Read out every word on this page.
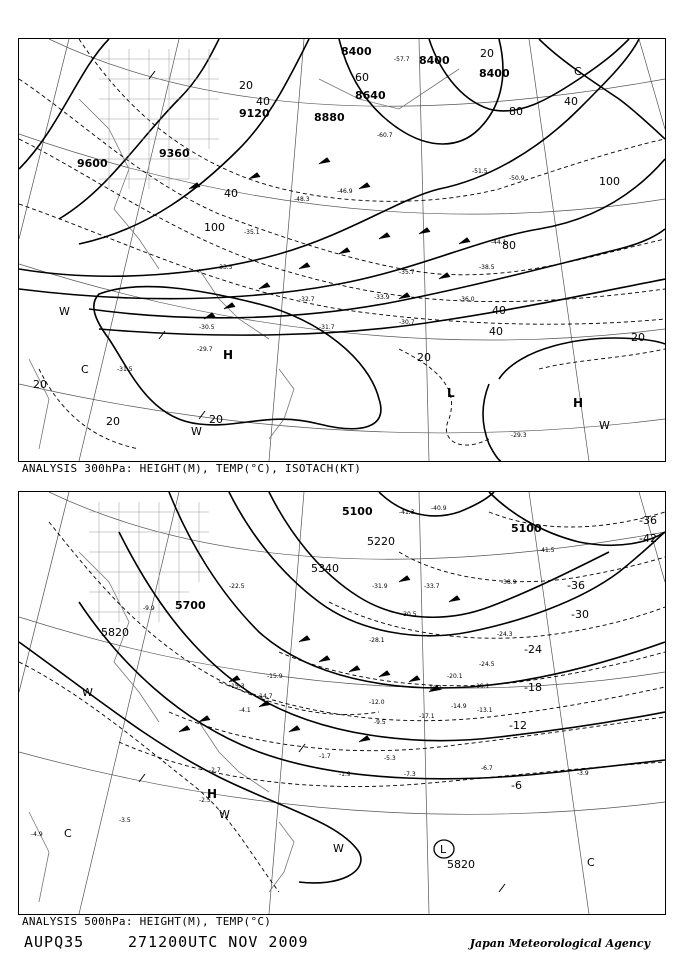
8400
8400
8400
8640
8880
9120
9360
9600
20
20
40	40
40
60
80
80
100
100
40
40
20
20
20
20
20
H
H
L
C
W
W	W
C
-57.7
-60.7
-51.5
-50.9
-46.9
-48.3
-44.1
-38.5
-35.7
-33.9
-30.7
-31.7
-32.7
-29.7
-31.5
-29.3
-30.5
-35.1
-33.5
-36.0
ANALYSIS 300hPa: HEIGHT(M), TEMP(°C), ISOTACH(KT)
5100
5100
5220
5340
5700
5820
5820
-36
-42
-36
-30
-24
-18
-12
-6
H
L
C
C
W
W
W
-41.3
-40.9
-41.5
-38.9
-33.7
-31.9
-28.1
-30.5
-24.5
-24.3
-20.1
-19.1
-18.1
-17.1
-14.9
-13.1
-12.0
-9.5
-7.3
-6.7
-5.3
-3.9
-2.7
-2.5
-1.7
-1.9
-3.5
-4.1
-4.9
-15.9
-15.3
-14.7
-22.5
-9.9
ANALYSIS 500hPa: HEIGHT(M), TEMP(°C)
AUPQ35	271200UTC NOV 2009	Japan Meteorological Agency
